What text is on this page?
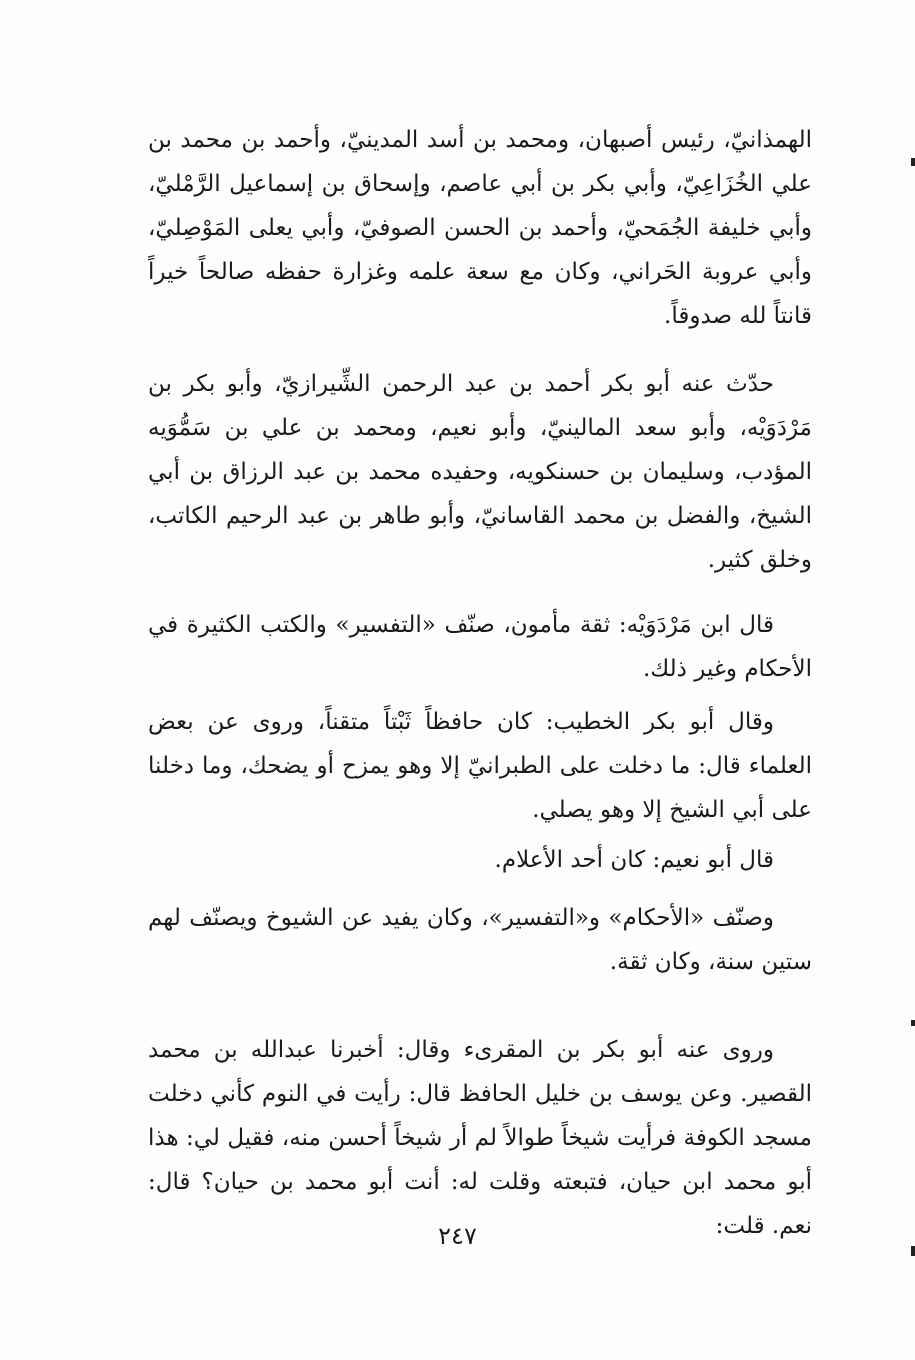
الهمذانيّ، رئيس أصبهان، ومحمد بن أسد المدينيّ، وأحمد بن محمد بن علي الخُزَاعِيّ، وأبي بكر بن أبي عاصم، وإسحاق بن إسماعيل الرَّمْليّ، وأبي خليفة الجُمَحيّ، وأحمد بن الحسن الصوفيّ، وأبي يعلى المَوْصِليّ، وأبي عروبة الحَراني، وكان مع سعة علمه وغزارة حفظه صالحاً خيراً قانتاً لله صدوقاً.

حدّث عنه أبو بكر أحمد بن عبد الرحمن الشِّيرازيّ، وأبو بكر بن مَرْدَوَيْه، وأبو سعد المالينيّ، وأبو نعيم، ومحمد بن علي بن سَمُّوَيه المؤدب، وسليمان بن حسنكويه، وحفيده محمد بن عبد الرزاق بن أبي الشيخ، والفضل بن محمد القاسانيّ، وأبو طاهر بن عبد الرحيم الكاتب، وخلق كثير.

قال ابن مَرْدَوَيْه: ثقة مأمون، صنّف «التفسير» والكتب الكثيرة في الأحكام وغير ذلك.

وقال أبو بكر الخطيب: كان حافظاً ثَبْتاً متقناً، وروى عن بعض العلماء قال: ما دخلت على الطبرانيّ إلا وهو يمزح أو يضحك، وما دخلنا على أبي الشيخ إلا وهو يصلي.

قال أبو نعيم: كان أحد الأعلام.

وصنّف «الأحكام» و«التفسير»، وكان يفيد عن الشيوخ ويصنّف لهم ستين سنة، وكان ثقة.

وروى عنه أبو بكر بن المقرىء وقال: أخبرنا عبدالله بن محمد القصير. وعن يوسف بن خليل الحافظ قال: رأيت في النوم كأني دخلت مسجد الكوفة فرأيت شيخاً طوالاً لم أر شيخاً أحسن منه، فقيل لي: هذا أبو محمد ابن حيان، فتبعته وقلت له: أنت أبو محمد بن حيان؟ قال: نعم. قلت:

٢٤٧
